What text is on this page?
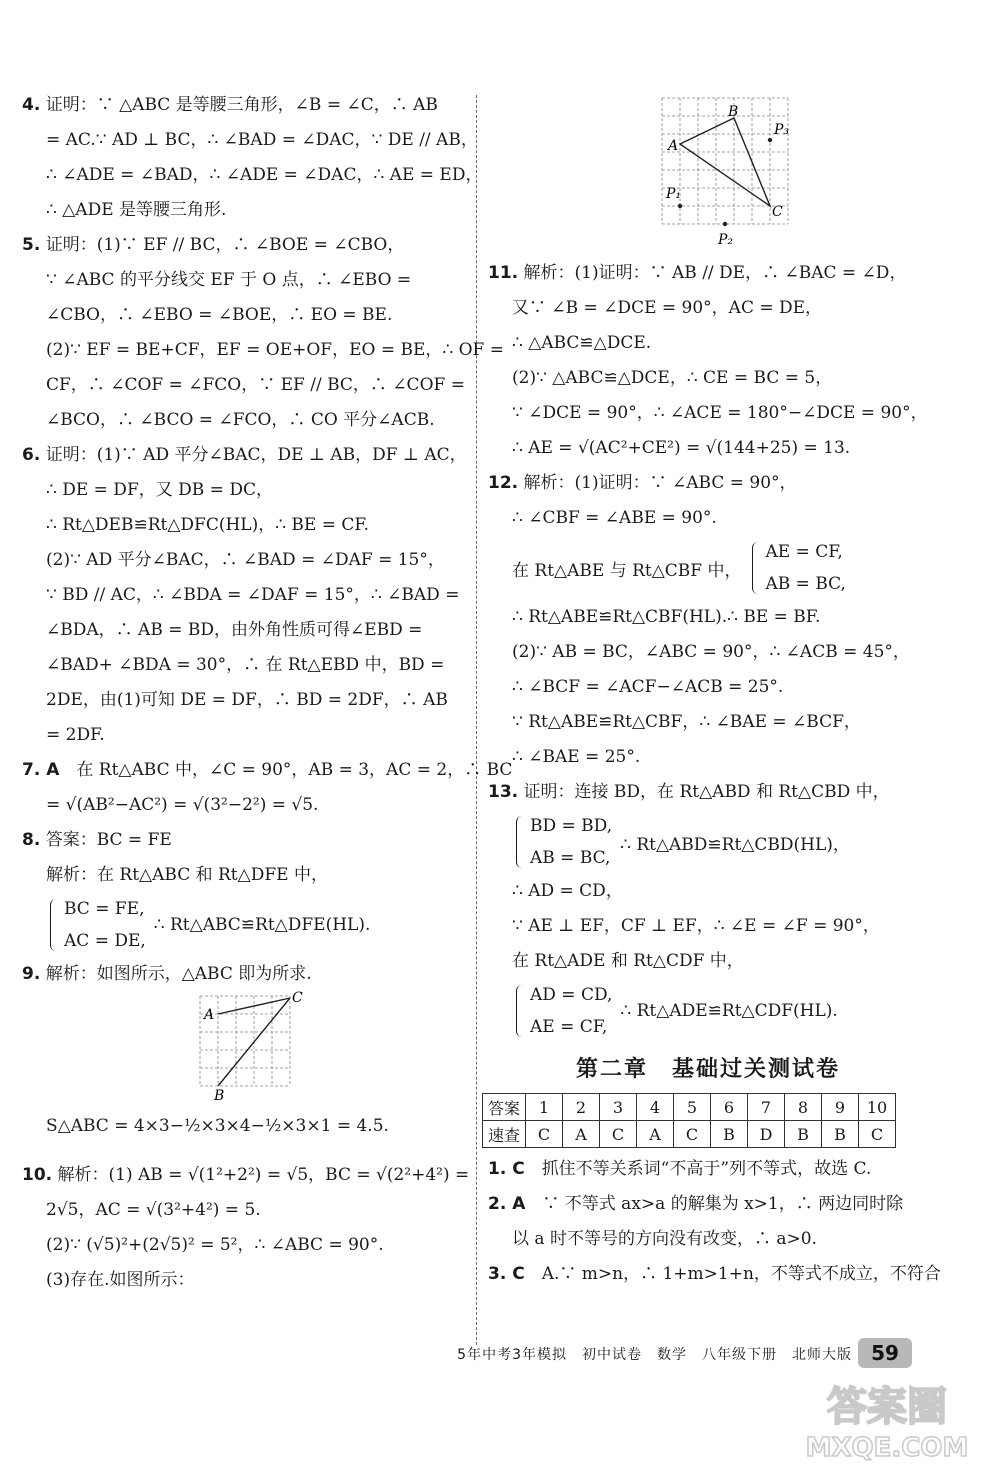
4. 证明：∵ △ABC 是等腰三角形，∠B = ∠C，∴ AB
= AC.∵ AD ⊥ BC，∴ ∠BAD = ∠DAC，∵ DE // AB，
∴ ∠ADE = ∠BAD，∴ ∠ADE = ∠DAC，∴ AE = ED，
∴ △ADE 是等腰三角形.
5. 证明：(1)∵ EF // BC，∴ ∠BOE = ∠CBO，
∵ ∠ABC 的平分线交 EF 于 O 点，∴ ∠EBO =
∠CBO，∴ ∠EBO = ∠BOE，∴ EO = BE.
(2)∵ EF = BE+CF，EF = OE+OF，EO = BE，∴ OF =
CF，∴ ∠COF = ∠FCO，∵ EF // BC，∴ ∠COF =
∠BCO，∴ ∠BCO = ∠FCO，∴ CO 平分∠ACB.
6. 证明：(1)∵ AD 平分∠BAC，DE ⊥ AB，DF ⊥ AC，
∴ DE = DF，又 DB = DC，
∴ Rt△DEB≌Rt△DFC(HL)，∴ BE = CF.
(2)∵ AD 平分∠BAC，∴ ∠BAD = ∠DAF = 15°，
∵ BD // AC，∴ ∠BDA = ∠DAF = 15°，∴ ∠BAD =
∠BDA，∴ AB = BD，由外角性质可得∠EBD =
∠BAD+ ∠BDA = 30°，∴ 在 Rt△EBD 中，BD =
2DE，由(1)可知 DE = DF，∴ BD = 2DF，∴ AB
= 2DF.
7. A　 在 Rt△ABC 中，∠C = 90°，AB = 3，AC = 2，∴ BC
= √(AB²−AC²) = √(3²−2²) = √5.
8. 答案：BC = FE
解析：在 Rt△ABC 和 Rt△DFE 中，
BC = FE,
AC = DE,
∴ Rt△ABC≌Rt△DFE(HL).
9. 解析：如图所示，△ABC 即为所求.
A
C
B
S△ABC = 4×3−½×3×4−½×3×1 = 4.5.
10. 解析：(1) AB = √(1²+2²) = √5，BC = √(2²+4²) =
2√5，AC = √(3²+4²) = 5.
(2)∵ (√5)²+(2√5)² = 5²，∴ ∠ABC = 90°.
(3)存在.如图所示：
A
B
C
P₁
P₂
P₃
11. 解析：(1)证明：∵ AB // DE，∴ ∠BAC = ∠D，
又∵ ∠B = ∠DCE = 90°，AC = DE，
∴ △ABC≌△DCE.
(2)∵ △ABC≌△DCE，∴ CE = BC = 5，
∵ ∠DCE = 90°，∴ ∠ACE = 180°−∠DCE = 90°，
∴ AE = √(AC²+CE²) = √(144+25) = 13.
12. 解析：(1)证明：∵ ∠ABC = 90°，
∴ ∠CBF = ∠ABE = 90°.
在 Rt△ABE 与 Rt△CBF 中，
AE = CF,
AB = BC,
∴ Rt△ABE≌Rt△CBF(HL).∴ BE = BF.
(2)∵ AB = BC，∠ABC = 90°，∴ ∠ACB = 45°，
∴ ∠BCF = ∠ACF−∠ACB = 25°.
∵ Rt△ABE≌Rt△CBF，∴ ∠BAE = ∠BCF，
∴ ∠BAE = 25°.
13. 证明：连接 BD，在 Rt△ABD 和 Rt△CBD 中，
BD = BD,
AB = BC,
∴ Rt△ABD≌Rt△CBD(HL)，
∴ AD = CD，
∵ AE ⊥ EF，CF ⊥ EF，∴ ∠E = ∠F = 90°，
在 Rt△ADE 和 Rt△CDF 中，
AD = CD,
AE = CF,
∴ Rt△ADE≌Rt△CDF(HL).
第二章　基础过关测试卷
答案	1	2	3	4	5	6	7	8	9	10
速查	C	A	C	A	C	B	D	B	B	C
1. C　 抓住不等关系词“不高于”列不等式，故选 C.
2. A　 ∵ 不等式 ax>a 的解集为 x>1，∴ 两边同时除
以 a 时不等号的方向没有改变，∴ a>0.
3. C　 A.∵ m>n，∴ 1+m>1+n，不等式不成立，不符合
5年中考3年模拟　初中试卷　数学　八年级下册　北师大版 59
答案圈
MXQE.COM
